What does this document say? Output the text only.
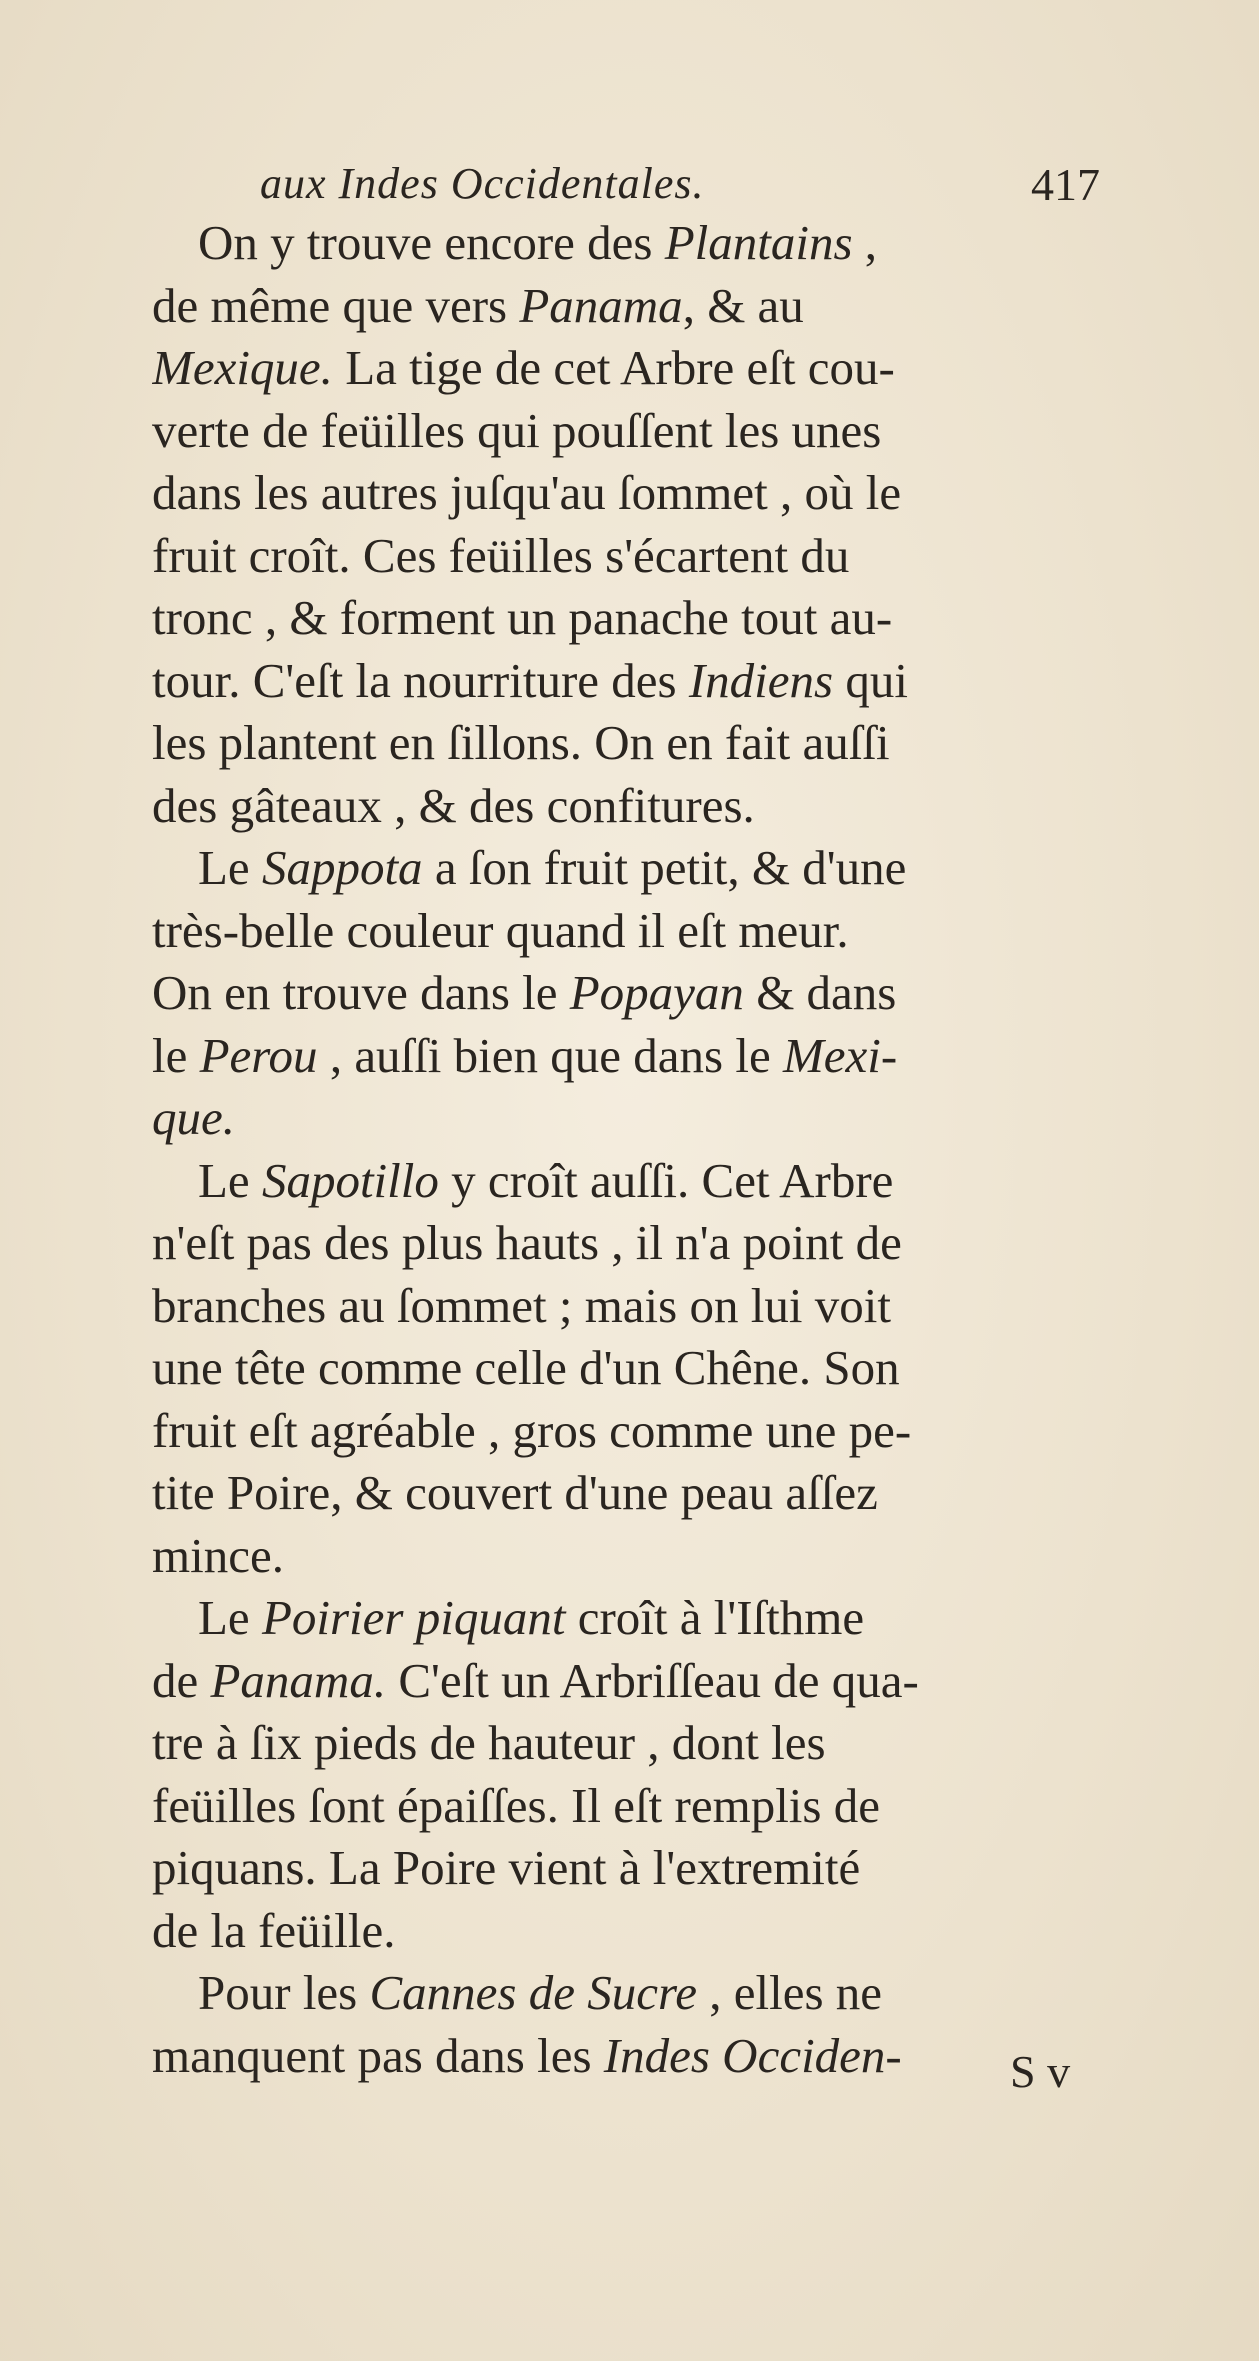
aux Indes Occidentales.	417
On y trouve encore des Plantains ,
de même que vers Panama, & au
Mexique. La tige de cet Arbre eſt cou-
verte de feüilles qui pouſſent les unes
dans les autres juſqu'au ſommet , où le
fruit croît. Ces feüilles s'écartent du
tronc , & forment un panache tout au-
tour. C'eſt la nourriture des Indiens qui
les plantent en ſillons. On en fait auſſi
des gâteaux , & des confitures.
Le Sappota a ſon fruit petit, & d'une
très-belle couleur quand il eſt meur.
On en trouve dans le Popayan & dans
le Perou , auſſi bien que dans le Mexi-
que.
Le Sapotillo y croît auſſi. Cet Arbre
n'eſt pas des plus hauts , il n'a point de
branches au ſommet ; mais on lui voit
une tête comme celle d'un Chêne. Son
fruit eſt agréable , gros comme une pe-
tite Poire, & couvert d'une peau aſſez
mince.
Le Poirier piquant croît à l'Iſthme
de Panama. C'eſt un Arbriſſeau de qua-
tre à ſix pieds de hauteur , dont les
feüilles ſont épaiſſes. Il eſt remplis de
piquans. La Poire vient à l'extremité
de la feüille.
Pour les Cannes de Sucre , elles ne
manquent pas dans les Indes Occiden-	S v
